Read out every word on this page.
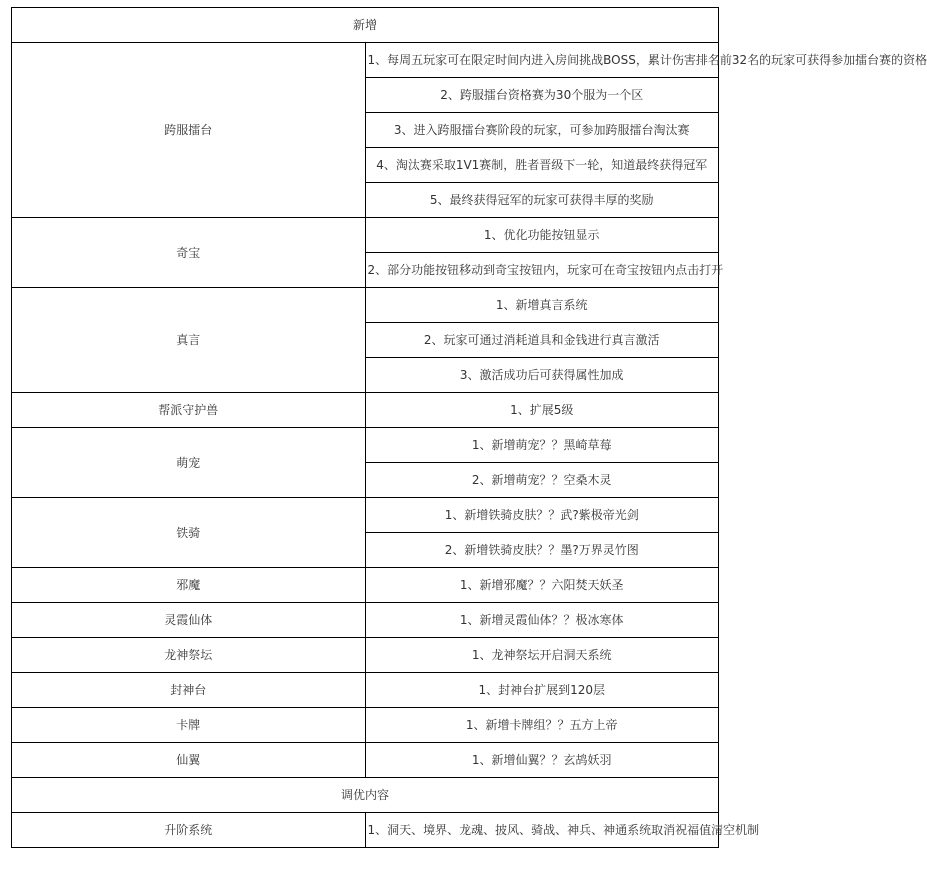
新增	
跨服擂台	1、每周五玩家可在限定时间内进入房间挑战BOSS，累计伤害排名前32名的玩家可获得参加擂台赛的资格
	2、跨服擂台资格赛为30个服为一个区
	3、进入跨服擂台赛阶段的玩家，可参加跨服擂台淘汰赛
	4、淘汰赛采取1V1赛制，胜者晋级下一轮，知道最终获得冠军
	5、最终获得冠军的玩家可获得丰厚的奖励
奇宝	1、优化功能按钮显示
	2、部分功能按钮移动到奇宝按钮内，玩家可在奇宝按钮内点击打开
真言	1、新增真言系统
	2、玩家可通过消耗道具和金钱进行真言激活
	3、激活成功后可获得属性加成
帮派守护兽	1、扩展5级
萌宠	1、新增萌宠？？黑崎草莓
	2、新增萌宠？？空桑木灵
铁骑	1、新增铁骑皮肤？？武?紫极帝光剑
	2、新增铁骑皮肤？？墨?万界灵竹图
邪魔	1、新增邪魔？？六阳焚天妖圣
灵霞仙体	1、新增灵霞仙体？？极冰寒体
龙神祭坛	1、龙神祭坛开启洞天系统
封神台	1、封神台扩展到120层
卡牌	1、新增卡牌组？？五方上帝
仙翼	1、新增仙翼？？玄鸪妖羽
调优内容	
升阶系统	1、洞天、境界、龙魂、披风、骑战、神兵、神通系统取消祝福值清空机制
